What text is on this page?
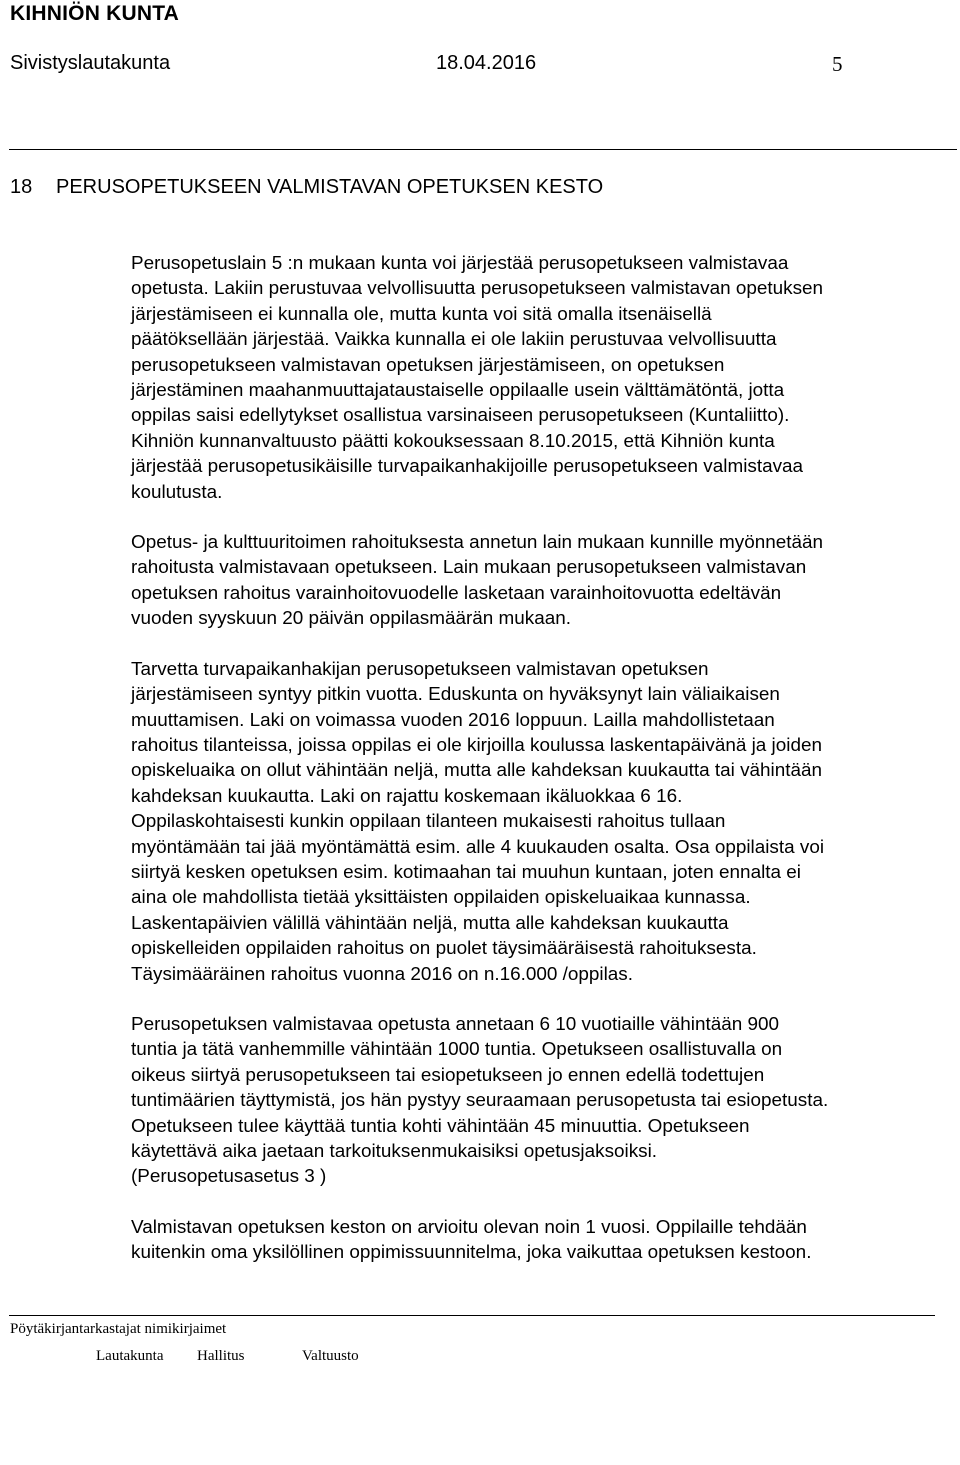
KIHNIÖN KUNTA
Sivistyslautakunta	18.04.2016	5
18 PERUSOPETUKSEEN VALMISTAVAN OPETUKSEN KESTO

Perusopetuslain 5 :n mukaan kunta voi järjestää perusopetukseen valmistavaa
opetusta. Lakiin perustuvaa velvollisuutta perusopetukseen valmistavan opetuksen
järjestämiseen ei kunnalla ole, mutta kunta voi sitä omalla itsenäisellä
päätöksellään järjestää. Vaikka kunnalla ei ole lakiin perustuvaa velvollisuutta
perusopetukseen valmistavan opetuksen järjestämiseen, on opetuksen
järjestäminen maahanmuuttajataustaiselle oppilaalle usein välttämätöntä, jotta
oppilas saisi edellytykset osallistua varsinaiseen perusopetukseen (Kuntaliitto).
Kihniön kunnanvaltuusto päätti kokouksessaan 8.10.2015, että Kihniön kunta
järjestää perusopetusikäisille turvapaikanhakijoille perusopetukseen valmistavaa
koulutusta.

Opetus- ja kulttuuritoimen rahoituksesta annetun lain mukaan kunnille myönnetään
rahoitusta valmistavaan opetukseen. Lain mukaan perusopetukseen valmistavan
opetuksen rahoitus varainhoitovuodelle lasketaan varainhoitovuotta edeltävän
vuoden syyskuun 20 päivän oppilasmäärän mukaan.

Tarvetta turvapaikanhakijan perusopetukseen valmistavan opetuksen
järjestämiseen syntyy pitkin vuotta. Eduskunta on hyväksynyt lain väliaikaisen
muuttamisen. Laki on voimassa vuoden 2016 loppuun. Lailla mahdollistetaan
rahoitus tilanteissa, joissa oppilas ei ole kirjoilla koulussa laskentapäivänä ja joiden
opiskeluaika on ollut vähintään neljä, mutta alle kahdeksan kuukautta tai vähintään
kahdeksan kuukautta. Laki on rajattu koskemaan ikäluokkaa 6 16.
Oppilaskohtaisesti kunkin oppilaan tilanteen mukaisesti rahoitus tullaan
myöntämään tai jää myöntämättä esim. alle 4 kuukauden osalta. Osa oppilaista voi
siirtyä kesken opetuksen esim. kotimaahan tai muuhun kuntaan, joten ennalta ei
aina ole mahdollista tietää yksittäisten oppilaiden opiskeluaikaa kunnassa.
Laskentapäivien välillä vähintään neljä, mutta alle kahdeksan kuukautta
opiskelleiden oppilaiden rahoitus on puolet täysimääräisestä rahoituksesta.
Täysimääräinen rahoitus vuonna 2016 on n.16.000 /oppilas.

Perusopetuksen valmistavaa opetusta annetaan 6 10 vuotiaille vähintään 900
tuntia ja tätä vanhemmille vähintään 1000 tuntia. Opetukseen osallistuvalla on
oikeus siirtyä perusopetukseen tai esiopetukseen jo ennen edellä todettujen
tuntimäärien täyttymistä, jos hän pystyy seuraamaan perusopetusta tai esiopetusta.
Opetukseen tulee käyttää tuntia kohti vähintään 45 minuuttia. Opetukseen
käytettävä aika jaetaan tarkoituksenmukaisiksi opetusjaksoiksi.
(Perusopetusasetus 3 )

Valmistavan opetuksen keston on arvioitu olevan noin 1 vuosi. Oppilaille tehdään
kuitenkin oma yksilöllinen oppimissuunnitelma, joka vaikuttaa opetuksen kestoon.

Pöytäkirjantarkastajat nimikirjaimet
Lautakunta Hallitus	Valtuusto
